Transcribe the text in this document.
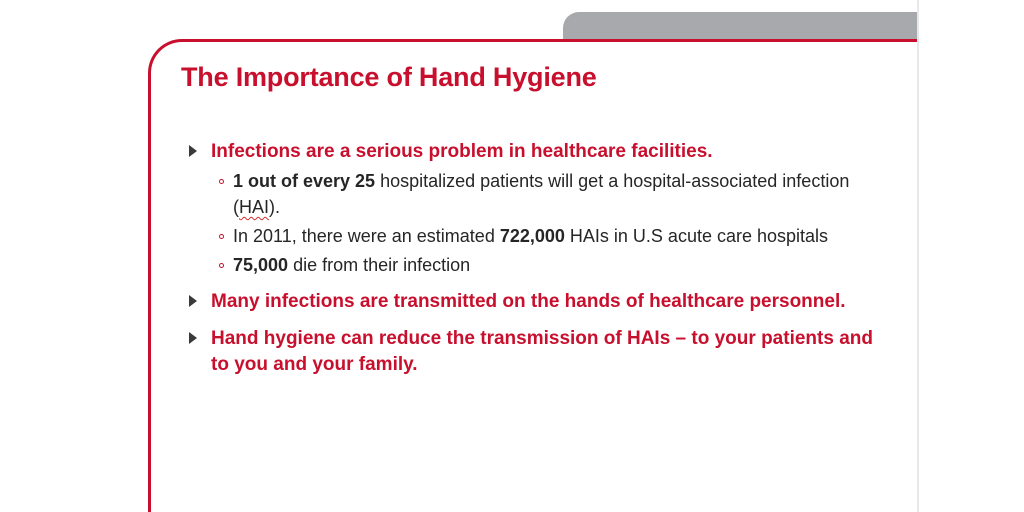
The Importance of Hand Hygiene
Infections are a serious problem in healthcare facilities.
1 out of every 25 hospitalized patients will get a hospital-associated infection (HAI).
In 2011, there were an estimated 722,000 HAIs in U.S acute care hospitals
75,000 die from their infection
Many infections are transmitted on the hands of healthcare personnel.
Hand hygiene can reduce the transmission of HAIs – to your patients and to you and your family.
